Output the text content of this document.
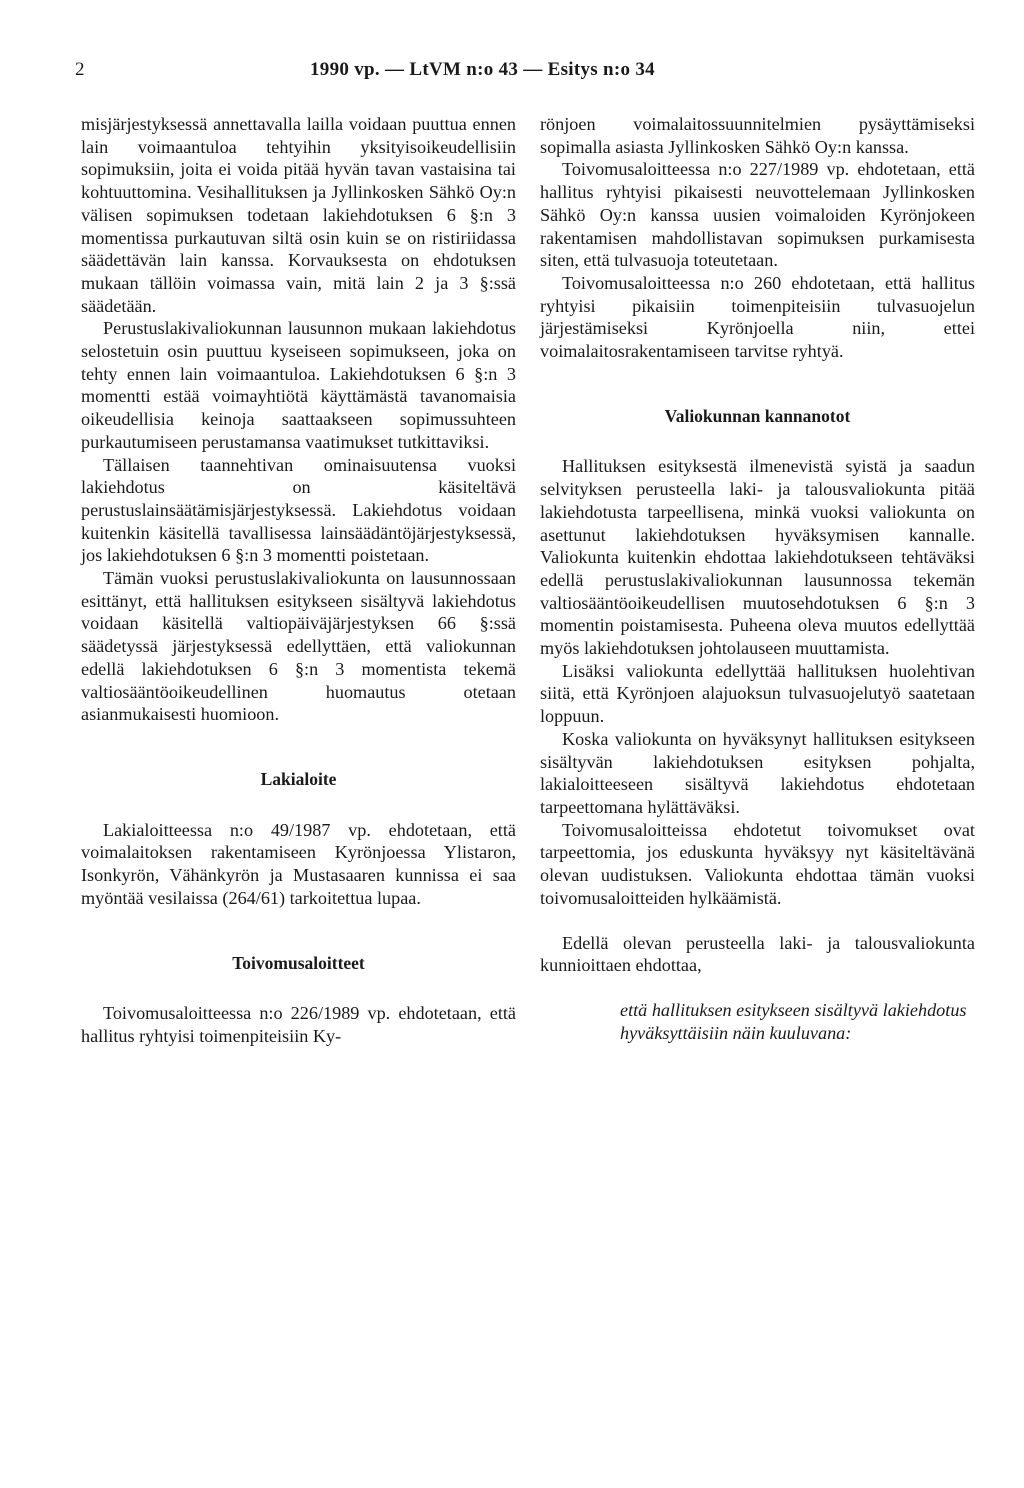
2	1990 vp. — LtVM n:o 43 — Esitys n:o 34

misjärjestyksessä annettavalla lailla voidaan puuttua ennen lain voimaantuloa tehtyihin yksityisoikeudellisiin sopimuksiin, joita ei voida pitää hyvän tavan vastaisina tai kohtuuttomina. Vesihallituksen ja Jyllinkosken Sähkö Oy:n välisen sopimuksen todetaan lakiehdotuksen 6 §:n 3 momentissa purkautuvan siltä osin kuin se on ristiriidassa säädettävän lain kanssa. Korvauksesta on ehdotuksen mukaan tällöin voimassa vain, mitä lain 2 ja 3 §:ssä säädetään.

Perustuslakivaliokunnan lausunnon mukaan lakiehdotus selostetuin osin puuttuu kyseiseen sopimukseen, joka on tehty ennen lain voimaantuloa. Lakiehdotuksen 6 §:n 3 momentti estää voimayhtiötä käyttämästä tavanomaisia oikeudellisia keinoja saattaakseen sopimussuhteen purkautumiseen perustamansa vaatimukset tutkittaviksi.

Tällaisen taannehtivan ominaisuutensa vuoksi lakiehdotus on käsiteltävä perustuslainsäätämisjärjestyksessä. Lakiehdotus voidaan kuitenkin käsitellä tavallisessa lainsäädäntöjärjestyksessä, jos lakiehdotuksen 6 §:n 3 momentti poistetaan.

Tämän vuoksi perustuslakivaliokunta on lausunnossaan esittänyt, että hallituksen esitykseen sisältyvä lakiehdotus voidaan käsitellä valtiopäiväjärjestyksen 66 §:ssä säädetyssä järjestyksessä edellyttäen, että valiokunnan edellä lakiehdotuksen 6 §:n 3 momentista tekemä valtiosääntöoikeudellinen huomautus otetaan asianmukaisesti huomioon.

Lakialoite

Lakialoitteessa n:o 49/1987 vp. ehdotetaan, että voimalaitoksen rakentamiseen Kyrönjoessa Ylistaron, Isonkyrön, Vähänkyrön ja Mustasaaren kunnissa ei saa myöntää vesilaissa (264/61) tarkoitettua lupaa.

Toivomusaloitteet

Toivomusaloitteessa n:o 226/1989 vp. ehdotetaan, että hallitus ryhtyisi toimenpiteisiin Ky-

rönjoen voimalaitossuunnitelmien pysäyttämiseksi sopimalla asiasta Jyllinkosken Sähkö Oy:n kanssa.

Toivomusaloitteessa n:o 227/1989 vp. ehdotetaan, että hallitus ryhtyisi pikaisesti neuvottelemaan Jyllinkosken Sähkö Oy:n kanssa uusien voimaloiden Kyrönjokeen rakentamisen mahdollistavan sopimuksen purkamisesta siten, että tulvasuoja toteutetaan.

Toivomusaloitteessa n:o 260 ehdotetaan, että hallitus ryhtyisi pikaisiin toimenpiteisiin tulvasuojelun järjestämiseksi Kyrönjoella niin, ettei voimalaitosrakentamiseen tarvitse ryhtyä.

Valiokunnan kannanotot

Hallituksen esityksestä ilmenevistä syistä ja saadun selvityksen perusteella laki- ja talousvaliokunta pitää lakiehdotusta tarpeellisena, minkä vuoksi valiokunta on asettunut lakiehdotuksen hyväksymisen kannalle. Valiokunta kuitenkin ehdottaa lakiehdotukseen tehtäväksi edellä perustuslakivaliokunnan lausunnossa tekemän valtiosääntöoikeudellisen muutosehdotuksen 6 §:n 3 momentin poistamisesta. Puheena oleva muutos edellyttää myös lakiehdotuksen johtolauseen muuttamista.

Lisäksi valiokunta edellyttää hallituksen huolehtivan siitä, että Kyrönjoen alajuoksun tulvasuojelutyö saatetaan loppuun.

Koska valiokunta on hyväksynyt hallituksen esitykseen sisältyvän lakiehdotuksen esityksen pohjalta, lakialoitteeseen sisältyvä lakiehdotus ehdotetaan tarpeettomana hylättäväksi.

Toivomusaloitteissa ehdotetut toivomukset ovat tarpeettomia, jos eduskunta hyväksyy nyt käsiteltävänä olevan uudistuksen. Valiokunta ehdottaa tämän vuoksi toivomusaloitteiden hylkäämistä.

Edellä olevan perusteella laki- ja talousvaliokunta kunnioittaen ehdottaa,

että hallituksen esitykseen sisältyvä lakiehdotus hyväksyttäisiin näin kuuluvana:
